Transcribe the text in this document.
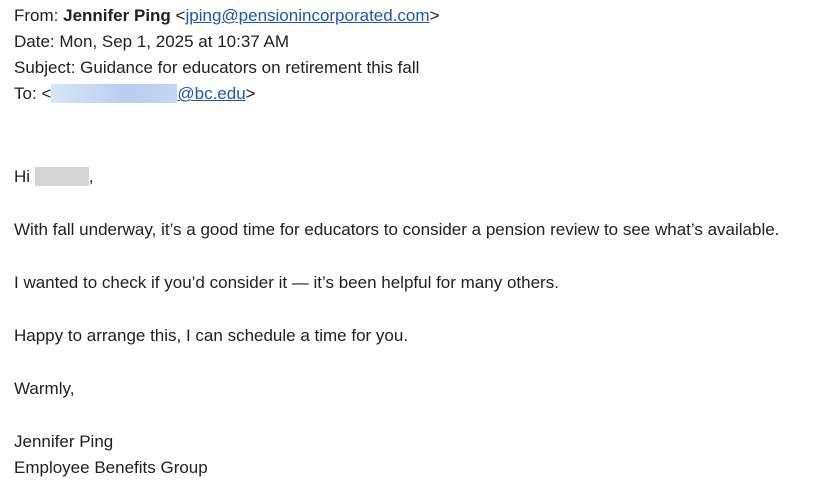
From: Jennifer Ping <jping@pensionincorporated.com>
Date: Mon, Sep 1, 2025 at 10:37 AM
Subject: Guidance for educators on retirement this fall
To: <	@bc.edu>
Hi	,
With fall underway, it’s a good time for educators to consider a pension review to see what’s available.
I wanted to check if you’d consider it — it’s been helpful for many others.
Happy to arrange this, I can schedule a time for you.
Warmly,
Jennifer Ping
Employee Benefits Group
